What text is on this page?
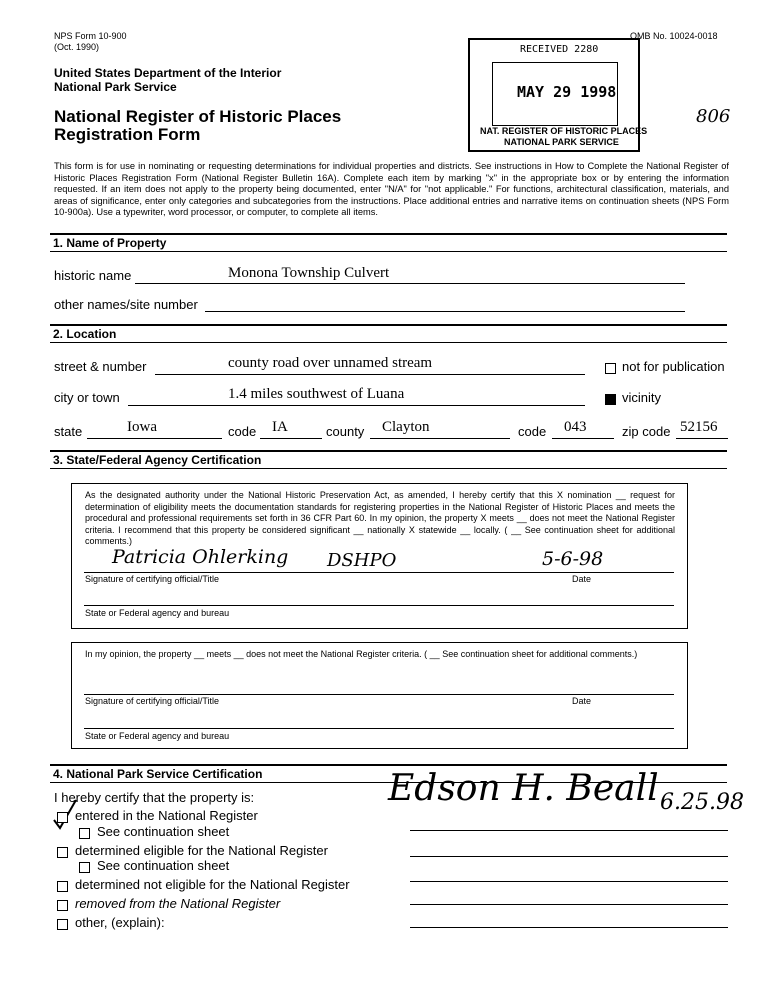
NPS Form 10-900
(Oct. 1990)
OMB No. 10024-0018
United States Department of the Interior
National Park Service
National Register of Historic Places
Registration Form
RECEIVED 2280
MAY 29 1998
NAT. REGISTER OF HISTORIC PLACES
NATIONAL PARK SERVICE
806
This form is for use in nominating or requesting determinations for individual properties and districts. See instructions in How to Complete the National Register of Historic Places Registration Form (National Register Bulletin 16A). Complete each item by marking "x" in the appropriate box or by entering the information requested. If an item does not apply to the property being documented, enter "N/A" for "not applicable." For functions, architectural classification, materials, and areas of significance, enter only categories and subcategories from the instructions. Place additional entries and narrative items on continuation sheets (NPS Form 10-900a). Use a typewriter, word processor, or computer, to complete all items.
1. Name of Property
historic name	Monona Township Culvert
other names/site number
2. Location
street & number	county road over unnamed stream	not for publication
city or town	1.4 miles southwest of Luana	vicinity
state	Iowa	code IA	county Clayton	code 043	zip code 52156
3. State/Federal Agency Certification
As the designated authority under the National Historic Preservation Act, as amended, I hereby certify that this X nomination __ request for determination of eligibility meets the documentation standards for registering properties in the National Register of Historic Places and meets the procedural and professional requirements set forth in 36 CFR Part 60. In my opinion, the property X meets __ does not meet the National Register criteria. I recommend that this property be considered significant __ nationally X statewide __ locally. ( __ See continuation sheet for additional comments.)
Patricia Ohlerking DSHPO	5-6-98
Signature of certifying official/Title	Date
State or Federal agency and bureau
In my opinion, the property __ meets __ does not meet the National Register criteria. ( __ See continuation sheet for additional comments.)
Signature of certifying official/Title	Date
State or Federal agency and bureau
4. National Park Service Certification
I hereby certify that the property is:	Edson H. Beall 6.25.98
entered in the National Register
See continuation sheet
determined eligible for the National Register
See continuation sheet
determined not eligible for the National Register
removed from the National Register
other, (explain):
